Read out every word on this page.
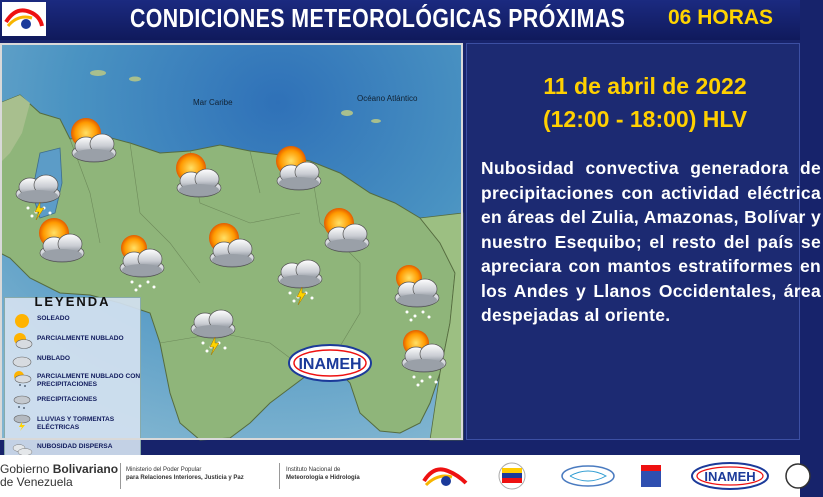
CONDICIONES METEOROLÓGICAS PRÓXIMAS 06 HORAS
Mar Caribe	Océano Atlántico
LEYENDA
SOLEADO
PARCIALMENTE NUBLADO
NUBLADO
PARCIALMENTE NUBLADO CON PRECIPITACIONES
PRECIPITACIONES
LLUVIAS Y TORMENTAS ELÉCTRICAS
NUBOSIDAD DISPERSA
INAMEH
11 de abril de 2022
(12:00 - 18:00) HLV
Nubosidad convectiva generadora de precipitaciones con actividad eléctrica en áreas del Zulia, Amazonas, Bolívar y nuestro Esequibo; el resto del país se apreciara con mantos estratiformes en los Andes y Llanos Occidentales, área despejadas al oriente.
Gobierno Bolivariano
de Venezuela
Ministerio del Poder Popular
para Relaciones Interiores, Justicia y Paz
Instituto Nacional de
Meteorología e Hidrología	INAMEH
